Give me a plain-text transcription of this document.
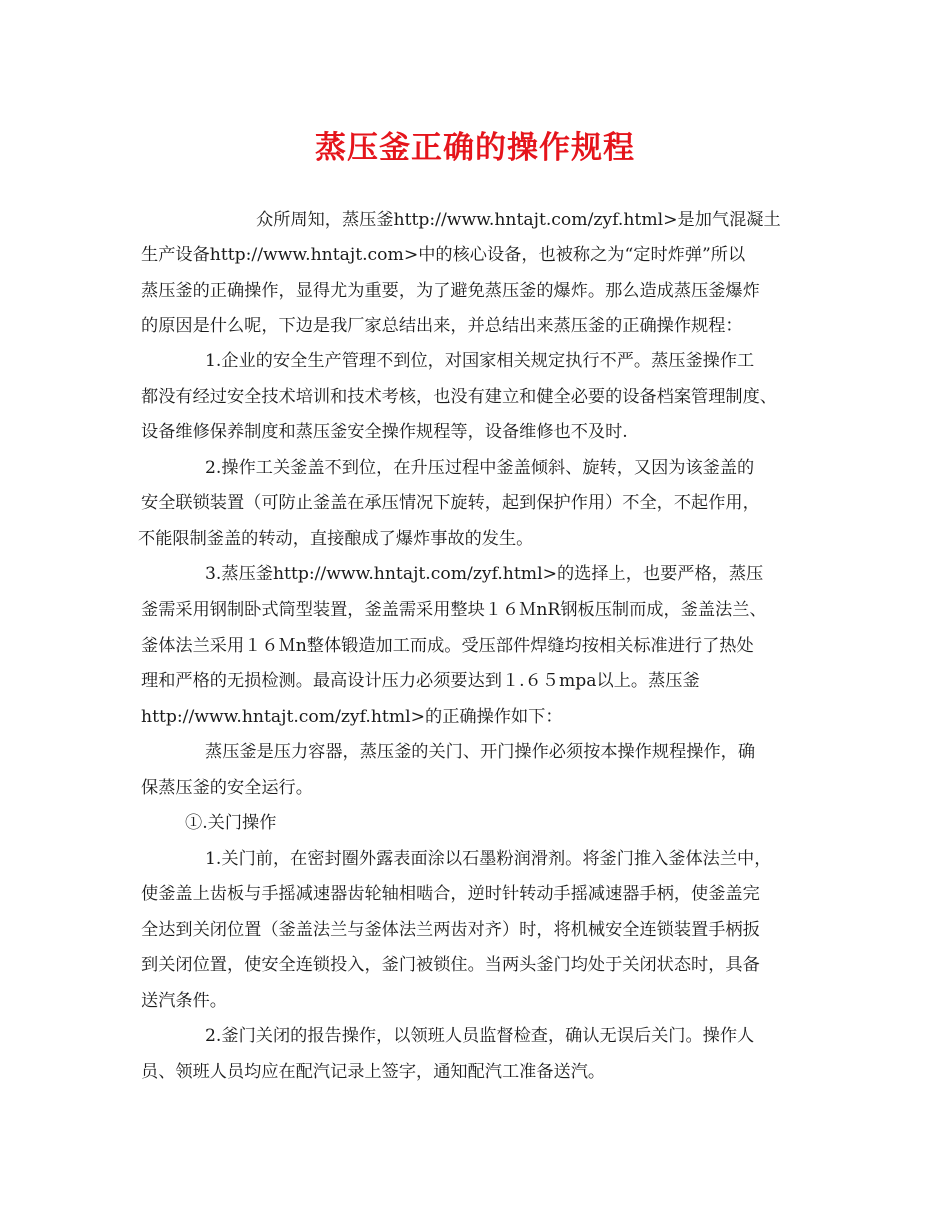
蒸压釜正确的操作规程
众所周知，蒸压釜http://www.hntajt.com/zyf.html>是加气混凝土
生产设备http://www.hntajt.com>中的核心设备，也被称之为“定时炸弹”所以
蒸压釜的正确操作，显得尤为重要，为了避免蒸压釜的爆炸。那么造成蒸压釜爆炸
的原因是什么呢，下边是我厂家总结出来，并总结出来蒸压釜的正确操作规程：
1.企业的安全生产管理不到位，对国家相关规定执行不严。蒸压釜操作工
都没有经过安全技术培训和技术考核，也没有建立和健全必要的设备档案管理制度、
设备维修保养制度和蒸压釜安全操作规程等，设备维修也不及时.
2.操作工关釜盖不到位，在升压过程中釜盖倾斜、旋转，又因为该釜盖的
安全联锁装置（可防止釜盖在承压情况下旋转，起到保护作用）不全，不起作用，
不能限制釜盖的转动，直接酿成了爆炸事故的发生。
3.蒸压釜http://www.hntajt.com/zyf.html>的选择上，也要严格，蒸压
釜需采用钢制卧式筒型装置，釜盖需采用整块１６ＭnR钢板压制而成，釜盖法兰、
釜体法兰采用１６Ｍn整体锻造加工而成。受压部件焊缝均按相关标准进行了热处
理和严格的无损检测。最高设计压力必须要达到１.６５mpa以上。蒸压釜
http://www.hntajt.com/zyf.html>的正确操作如下：
蒸压釜是压力容器，蒸压釜的关门、开门操作必须按本操作规程操作，确
保蒸压釜的安全运行。
①.关门操作
1.关门前，在密封圈外露表面涂以石墨粉润滑剂。将釜门推入釜体法兰中，
使釜盖上齿板与手摇减速器齿轮轴相啮合，逆时针转动手摇减速器手柄，使釜盖完
全达到关闭位置（釜盖法兰与釜体法兰两齿对齐）时，将机械安全连锁装置手柄扳
到关闭位置，使安全连锁投入，釜门被锁住。当两头釜门均处于关闭状态时，具备
送汽条件。
2.釜门关闭的报告操作，以领班人员监督检查，确认无误后关门。操作人
员、领班人员均应在配汽记录上签字，通知配汽工准备送汽。
